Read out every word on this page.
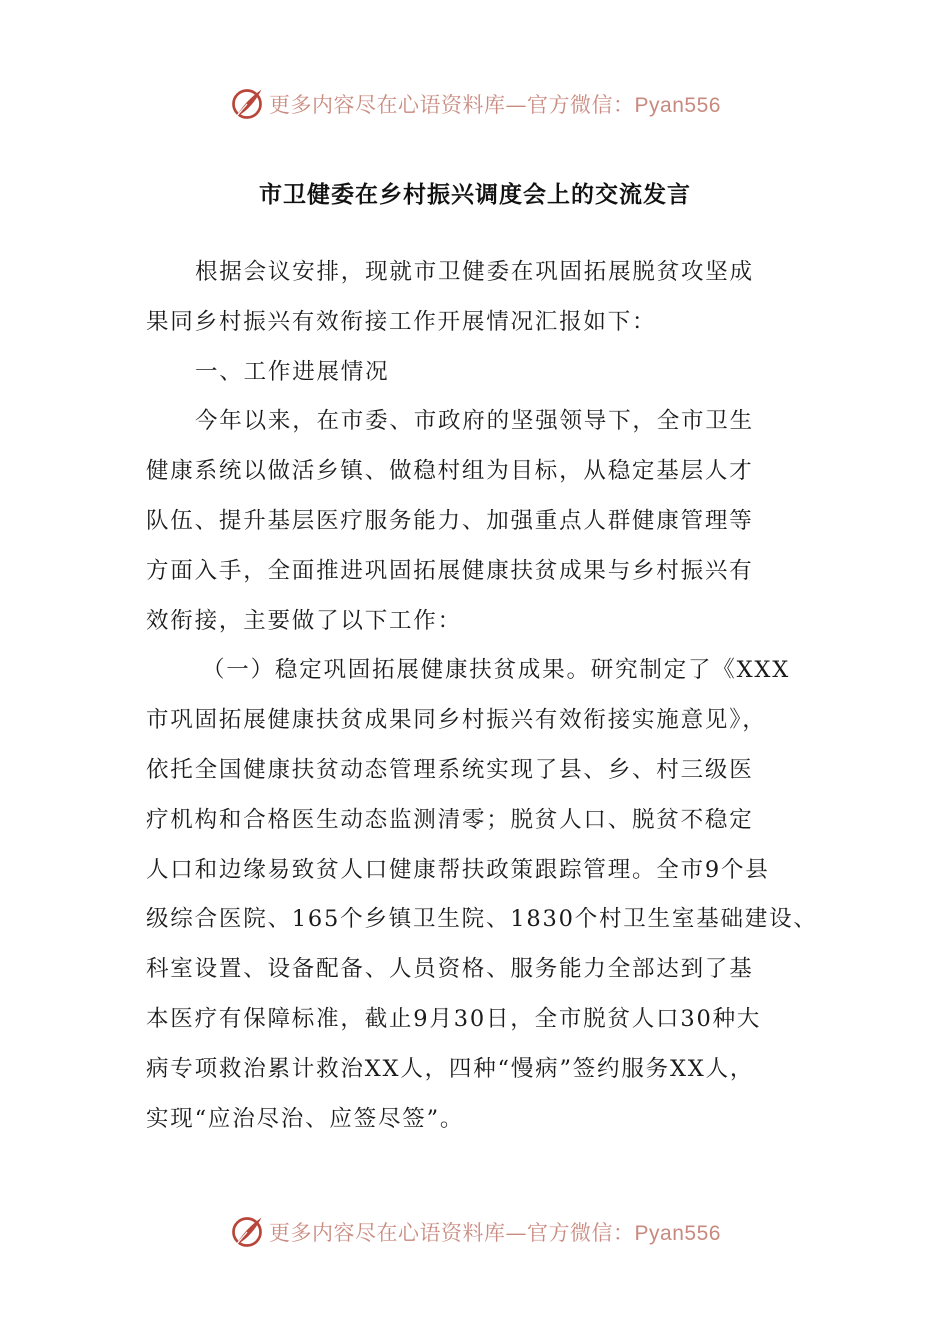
更多内容尽在心语资料库—官方微信：Pyan556
市卫健委在乡村振兴调度会上的交流发言
根据会议安排，现就市卫健委在巩固拓展脱贫攻坚成
果同乡村振兴有效衔接工作开展情况汇报如下：
一、工作进展情况
今年以来，在市委、市政府的坚强领导下，全市卫生
健康系统以做活乡镇、做稳村组为目标，从稳定基层人才
队伍、提升基层医疗服务能力、加强重点人群健康管理等
方面入手，全面推进巩固拓展健康扶贫成果与乡村振兴有
效衔接，主要做了以下工作：
（一）稳定巩固拓展健康扶贫成果。研究制定了《XXX
市巩固拓展健康扶贫成果同乡村振兴有效衔接实施意见》，
依托全国健康扶贫动态管理系统实现了县、乡、村三级医
疗机构和合格医生动态监测清零；脱贫人口、脱贫不稳定
人口和边缘易致贫人口健康帮扶政策跟踪管理。全市9个县
级综合医院、165个乡镇卫生院、1830个村卫生室基础建设、
科室设置、设备配备、人员资格、服务能力全部达到了基
本医疗有保障标准，截止9月30日，全市脱贫人口30种大
病专项救治累计救治XX人，四种“慢病”签约服务XX人，
实现“应治尽治、应签尽签”。
更多内容尽在心语资料库—官方微信：Pyan556
